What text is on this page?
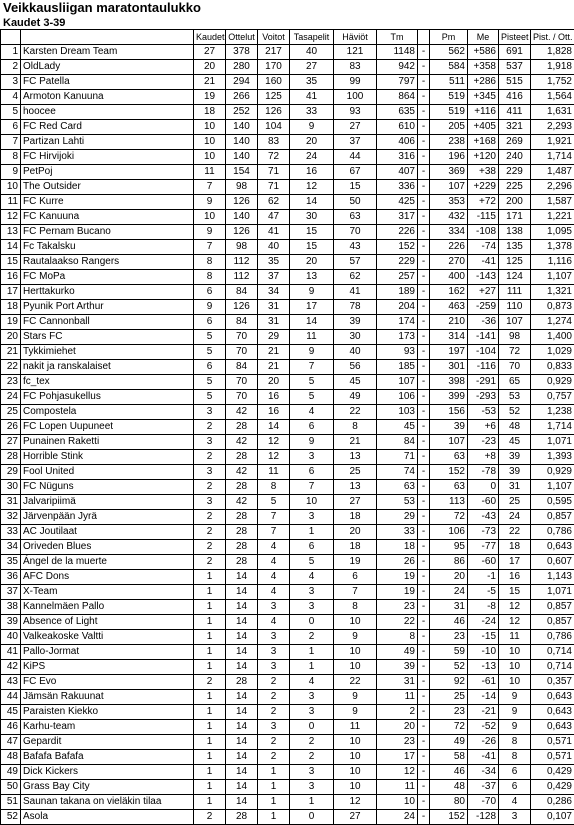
Veikkausliigan maratontaulukko
Kaudet 3-39
		Kaudet	Ottelut	Voitot	Tasapelit	Häviöt	Tm		Pm	Me	Pisteet	Pist. / Ott.
1	Karsten Dream Team	27	378	217	40	121	1148	-	562	+586	691	1,828
2	OldLady	20	280	170	27	83	942	-	584	+358	537	1,918
3	FC Patella	21	294	160	35	99	797	-	511	+286	515	1,752
4	Armoton Kanuuna	19	266	125	41	100	864	-	519	+345	416	1,564
5	hoocee	18	252	126	33	93	635	-	519	+116	411	1,631
6	FC Red Card	10	140	104	9	27	610	-	205	+405	321	2,293
7	Partizan Lahti	10	140	83	20	37	406	-	238	+168	269	1,921
8	FC Hirvijoki	10	140	72	24	44	316	-	196	+120	240	1,714
9	PetPoj	11	154	71	16	67	407	-	369	+38	229	1,487
10	The Outsider	7	98	71	12	15	336	-	107	+229	225	2,296
11	FC Kurre	9	126	62	14	50	425	-	353	+72	200	1,587
12	FC Kanuuna	10	140	47	30	63	317	-	432	-115	171	1,221
13	FC Pernam Bucano	9	126	41	15	70	226	-	334	-108	138	1,095
14	Fc Takalsku	7	98	40	15	43	152	-	226	-74	135	1,378
15	Rautalaakso Rangers	8	112	35	20	57	229	-	270	-41	125	1,116
16	FC MoPa	8	112	37	13	62	257	-	400	-143	124	1,107
17	Herttakurko	6	84	34	9	41	189	-	162	+27	111	1,321
18	Pyunik Port Arthur	9	126	31	17	78	204	-	463	-259	110	0,873
19	FC Cannonball	6	84	31	14	39	174	-	210	-36	107	1,274
20	Stars FC	5	70	29	11	30	173	-	314	-141	98	1,400
21	Tykkimiehet	5	70	21	9	40	93	-	197	-104	72	1,029
22	nakit ja ranskalaiset	6	84	21	7	56	185	-	301	-116	70	0,833
23	fc_tex	5	70	20	5	45	107	-	398	-291	65	0,929
24	FC Pohjasukellus	5	70	16	5	49	106	-	399	-293	53	0,757
25	Compostela	3	42	16	4	22	103	-	156	-53	52	1,238
26	FC Lopen Uupuneet	2	28	14	6	8	45	-	39	+6	48	1,714
27	Punainen Raketti	3	42	12	9	21	84	-	107	-23	45	1,071
28	Horrible Stink	2	28	12	3	13	71	-	63	+8	39	1,393
29	Fool United	3	42	11	6	25	74	-	152	-78	39	0,929
30	FC Nüguns	2	28	8	7	13	63	-	63	0	31	1,107
31	Jalvaripiimä	3	42	5	10	27	53	-	113	-60	25	0,595
32	Järvenpään Jyrä	2	28	7	3	18	29	-	72	-43	24	0,857
33	AC Joutilaat	2	28	7	1	20	33	-	106	-73	22	0,786
34	Oriveden Blues	2	28	4	6	18	18	-	95	-77	18	0,643
35	Ángel de la muerte	2	28	4	5	19	26	-	86	-60	17	0,607
36	AFC Dons	1	14	4	4	6	19	-	20	-1	16	1,143
37	X-Team	1	14	4	3	7	19	-	24	-5	15	1,071
38	Kannelmäen Pallo	1	14	3	3	8	23	-	31	-8	12	0,857
39	Absence of Light	1	14	4	0	10	22	-	46	-24	12	0,857
40	Valkeakoske Valtti	1	14	3	2	9	8	-	23	-15	11	0,786
41	Pallo-Jormat	1	14	3	1	10	49	-	59	-10	10	0,714
42	KiPS	1	14	3	1	10	39	-	52	-13	10	0,714
43	FC Evo	2	28	2	4	22	31	-	92	-61	10	0,357
44	Jämsän Rakuunat	1	14	2	3	9	11	-	25	-14	9	0,643
45	Paraisten Kiekko	1	14	2	3	9	2	-	23	-21	9	0,643
46	Karhu-team	1	14	3	0	11	20	-	72	-52	9	0,643
47	Gepardit	1	14	2	2	10	23	-	49	-26	8	0,571
48	Bafafa Bafafa	1	14	2	2	10	17	-	58	-41	8	0,571
49	Dick Kickers	1	14	1	3	10	12	-	46	-34	6	0,429
50	Grass Bay City	1	14	1	3	10	11	-	48	-37	6	0,429
51	Saunan takana on vieläkin tilaa	1	14	1	1	12	10	-	80	-70	4	0,286
52	Asola	2	28	1	0	27	24	-	152	-128	3	0,107
